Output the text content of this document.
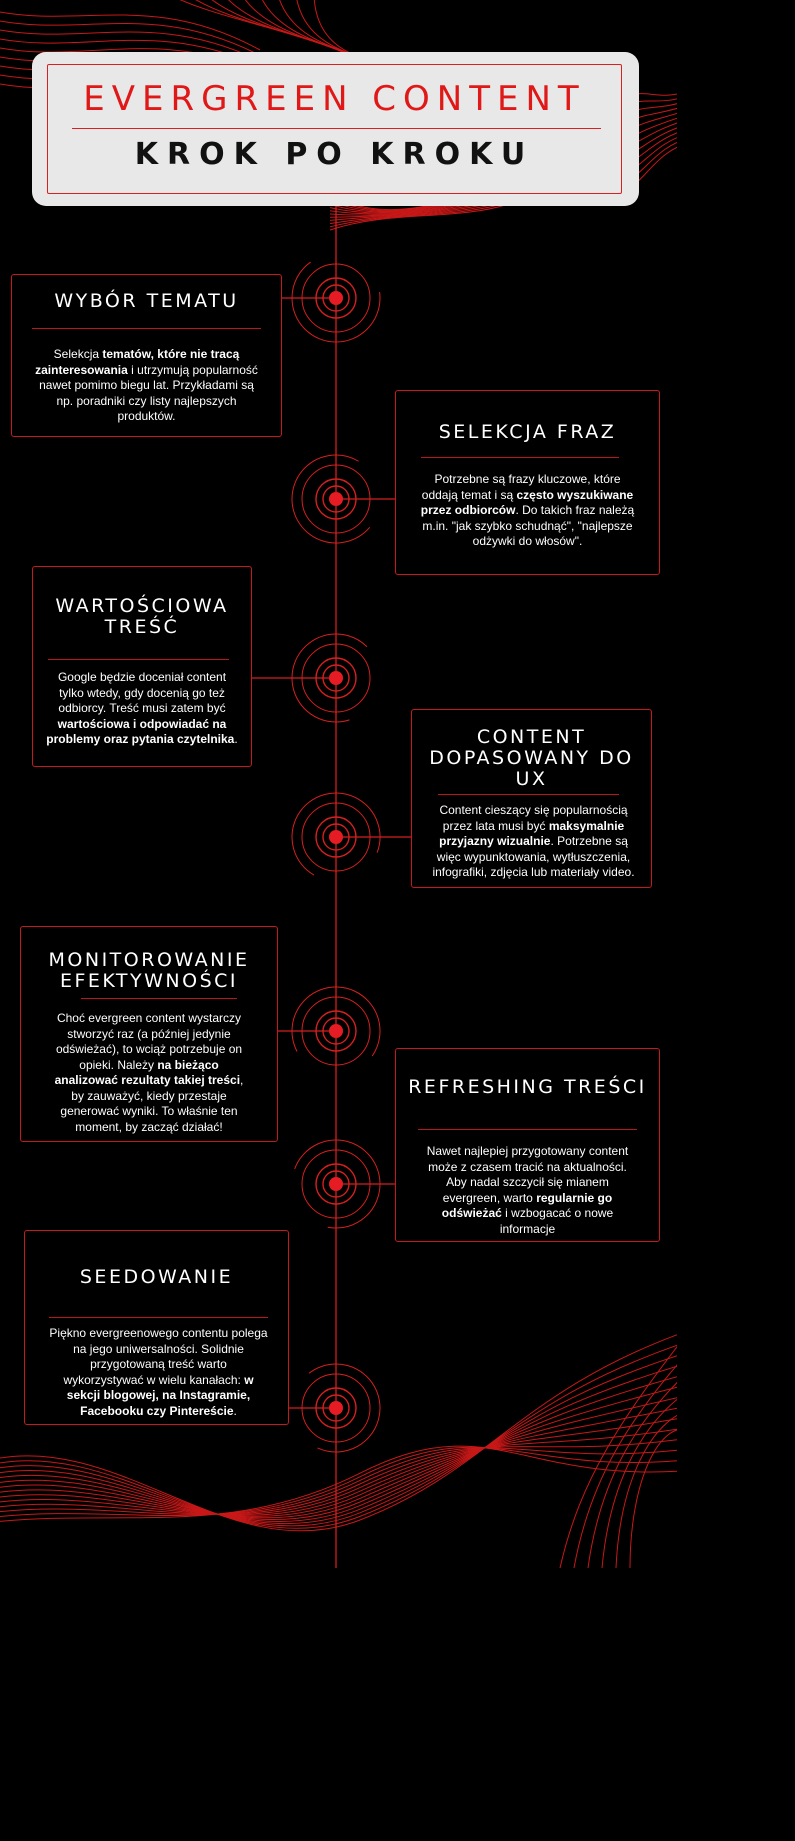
EVERGREEN CONTENT
KROK PO KROKU
WYBÓR TEMATU
Selekcja tematów, które nie tracą zainteresowania i utrzymują popularność nawet pomimo biegu lat. Przykładami są np. poradniki czy listy najlepszych produktów.
SELEKCJA FRAZ
Potrzebne są frazy kluczowe, które oddają temat i są często wyszukiwane przez odbiorców. Do takich fraz należą m.in. "jak szybko schudnąć", "najlepsze odżywki do włosów".
WARTOŚCIOWA TREŚĆ
Google będzie doceniał content tylko wtedy, gdy docenią go też odbiorcy. Treść musi zatem być wartościowa i odpowiadać na problemy oraz pytania czytelnika.	CONTENT DOPASOWANY DO UX
Content cieszący się popularnością przez lata musi być maksymalnie przyjazny wizualnie. Potrzebne są więc wypunktowania, wytłuszczenia, infografiki, zdjęcia lub materiały video.
MONITOROWANIE EFEKTYWNOŚCI
Choć evergreen content wystarczy stworzyć raz (a później jedynie odświeżać), to wciąż potrzebuje on opieki. Należy na bieżąco analizować rezultaty takiej treści, by zauważyć, kiedy przestaje generować wyniki. To właśnie ten moment, by zacząć działać!
REFRESHING TREŚCI
Nawet najlepiej przygotowany content może z czasem tracić na aktualności. Aby nadal szczycił się mianem evergreen, warto regularnie go odświeżać i wzbogacać o nowe informacje
SEEDOWANIE
Piękno evergreenowego contentu polega na jego uniwersalności. Solidnie przygotowaną treść warto wykorzystywać w wielu kanałach: w sekcji blogowej, na Instagramie, Facebooku czy Pintereście.
